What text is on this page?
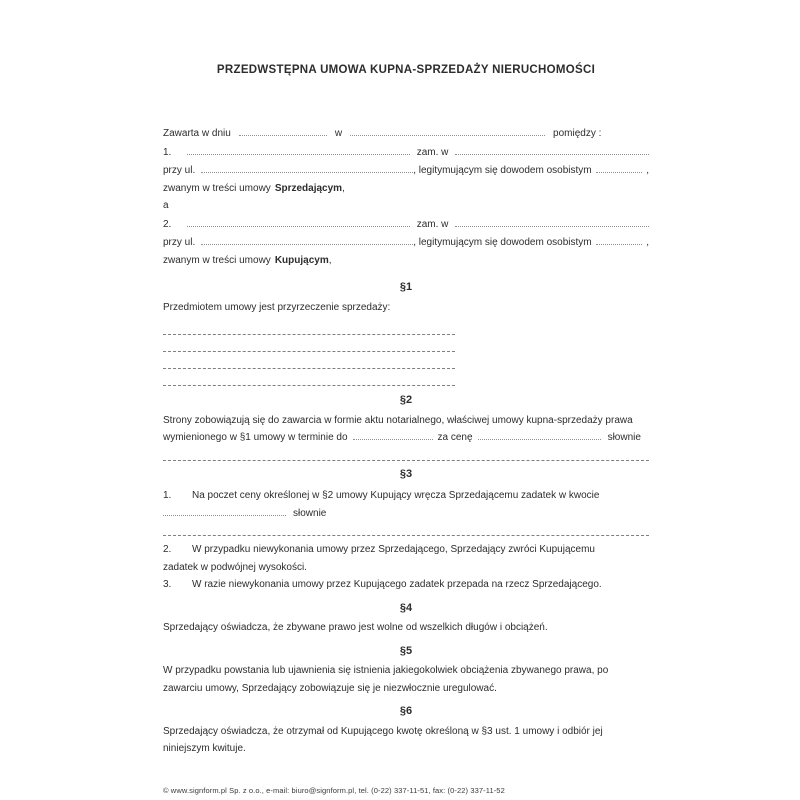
PRZEDWSTĘPNA UMOWA KUPNA-SPRZEDAŻY NIERUCHOMOŚCI
Zawarta w dniu	w	pomiędzy :
1.	zam. w
przy ul.	, legitymującym się dowodem osobistym	,

zwanym w treści umowy Sprzedającym,

a

2.	zam. w
przy ul.	, legitymującym się dowodem osobistym	,

zwanym w treści umowy Kupującym,

§1

Przedmiotem umowy jest przyrzeczenie sprzedaży:

§2

Strony zobowiązują się do zawarcia w formie aktu notarialnego, właściwej umowy kupna-sprzedaży prawa wymienionego w §1 umowy w terminie do	za cenę	słownie

§3

1. Na poczet ceny określonej w §2 umowy Kupujący wręcza Sprzedającemu zadatek w kwociesłownie

2. W przypadku niewykonania umowy przez Sprzedającego, Sprzedający zwróci Kupującemu zadatek w podwójnej wysokości.

3. W razie niewykonania umowy przez Kupującego zadatek przepada na rzecz Sprzedającego.

§4

Sprzedający oświadcza, że zbywane prawo jest wolne od wszelkich długów i obciążeń.

§5

W przypadku powstania lub ujawnienia się istnienia jakiegokolwiek obciążenia zbywanego prawa, po zawarciu umowy, Sprzedający zobowiązuje się je niezwłocznie uregulować.

§6

Sprzedający oświadcza, że otrzymał od Kupującego kwotę określoną w §3 ust. 1 umowy i odbiór jej niniejszym kwituje.

© www.signform.pl Sp. z o.o., e-mail: biuro@signform.pl, tel. (0-22) 337-11-51, fax: (0-22) 337-11-52
